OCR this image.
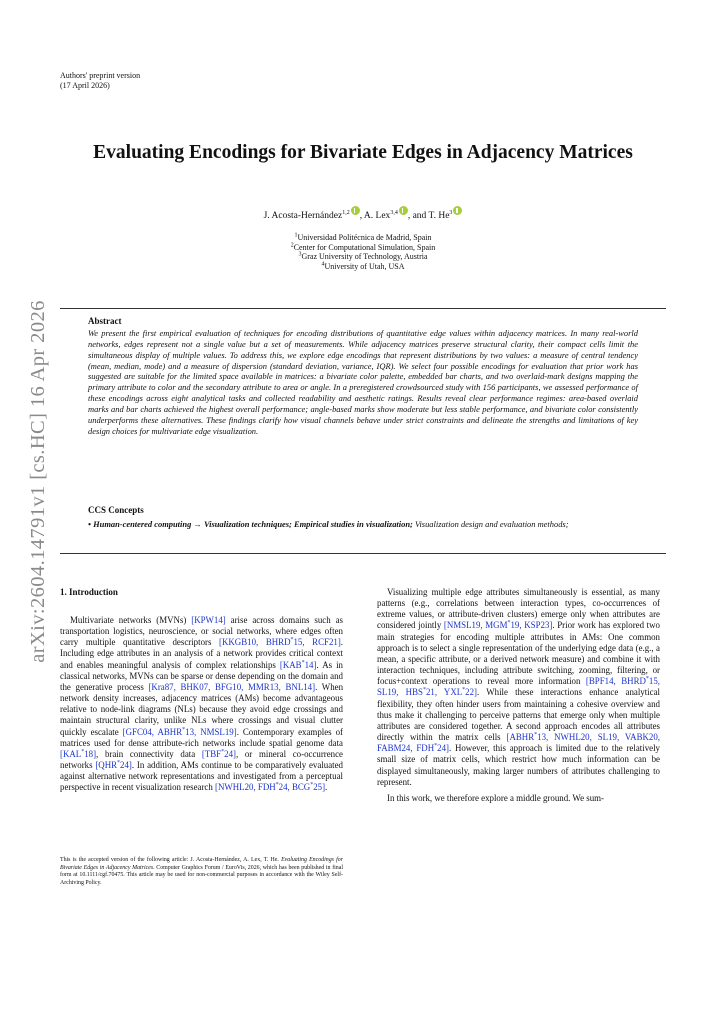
arXiv:2604.14791v1 [cs.HC] 16 Apr 2026
Authors' preprint version
(17 April 2026)
Evaluating Encodings for Bivariate Edges in Adjacency Matrices
J. Acosta-Hernández$^{1,2}$ , A. Lex$^{3,4}$ , and T. He$^3$
$^1$Universidad Politécnica de Madrid, Spain
$^2$Center for Computational Simulation, Spain
$^3$Graz University of Technology, Austria
$^4$University of Utah, USA

Abstract

We present the first empirical evaluation of techniques for encoding distributions of quantitative edge values within adjacency matrices. In many real-world networks, edges represent not a single value but a set of measurements. While adjacency matrices preserve structural clarity, their compact cells limit the simultaneous display of multiple values. To address this, we explore edge encodings that represent distributions by two values: a measure of central tendency (mean, median, mode) and a measure of dispersion (standard deviation, variance, IQR). We select four possible encodings for evaluation that prior work has suggested are suitable for the limited space available in matrices: a bivariate color palette, embedded bar charts, and two overlaid-mark designs mapping the primary attribute to color and the secondary attribute to area or angle. In a preregistered crowdsourced study with 156 participants, we assessed performance of these encodings across eight analytical tasks and collected readability and aesthetic ratings. Results reveal clear performance regimes: area-based overlaid marks and bar charts achieved the highest overall performance; angle-based marks show moderate but less stable performance, and bivariate color consistently underperforms these alternatives. These findings clarify how visual channels behave under strict constraints and delineate the strengths and limitations of key design choices for multivariate edge visualization.

CCS Concepts

• Human-centered computing → Visualization techniques; Empirical studies in visualization; Visualization design and evaluation methods;

1. Introduction

Multivariate networks (MVNs) [KPW14] arise across domains such as transportation logistics, neuroscience, or social networks, where edges often carry multiple quantitative descriptors [KKGB10, BHRD*15, RCF21]. Including edge attributes in an analysis of a network provides critical context and enables meaningful analysis of complex relationships [KAB*14]. As in classical networks, MVNs can be sparse or dense depending on the domain and the generative process [Kra87, BHK07, BFG10, MMR13, BNL14]. When network density increases, adjacency matrices (AMs) become advantageous relative to node-link diagrams (NLs) because they avoid edge crossings and maintain structural clarity, unlike NLs where crossings and visual clutter quickly escalate [GFC04, ABHR*13, NMSL19]. Contemporary examples of matrices used for dense attribute-rich networks include spatial genome data [KAL*18], brain connectivity data [TBF*24], or mineral co-occurrence networks [QHR*24]. In addition, AMs continue to be comparatively evaluated against alternative network representations and investigated from a perceptual perspective in recent visualization research [NWHL20, FDH*24, BCG*25].

Visualizing multiple edge attributes simultaneously is essential, as many patterns (e.g., correlations between interaction types, co-occurrences of extreme values, or attribute-driven clusters) emerge only when attributes are considered jointly [NMSL19, MGM*19, KSP23]. Prior work has explored two main strategies for encoding multiple attributes in AMs: One common approach is to select a single representation of the underlying edge data (e.g., a mean, a specific attribute, or a derived network measure) and combine it with interaction techniques, including attribute switching, zooming, filtering, or focus+context operations to reveal more information [BPF14, BHRD*15, SL19, HBS*21, YXL*22]. While these interactions enhance analytical flexibility, they often hinder users from maintaining a cohesive overview and thus make it challenging to perceive patterns that emerge only when multiple attributes are considered together. A second approach encodes all attributes directly within the matrix cells [ABHR*13, NWHL20, SL19, VABK20, FABM24, FDH*24]. However, this approach is limited due to the relatively small size of matrix cells, which restrict how much information can be displayed simultaneously, making larger numbers of attributes challenging to represent.

In this work, we therefore explore a middle ground. We sum-

This is the accepted version of the following article: J. Acosta-Hernández, A. Lex, T. He. Evaluating Encodings for Bivariate Edges in Adjacency Matrices. Computer Graphics Forum / EuroVis, 2026, which has been published in final form at 10.1111/cgf.70475. This article may be used for non-commercial purposes in accordance with the Wiley Self-Archiving Policy.
